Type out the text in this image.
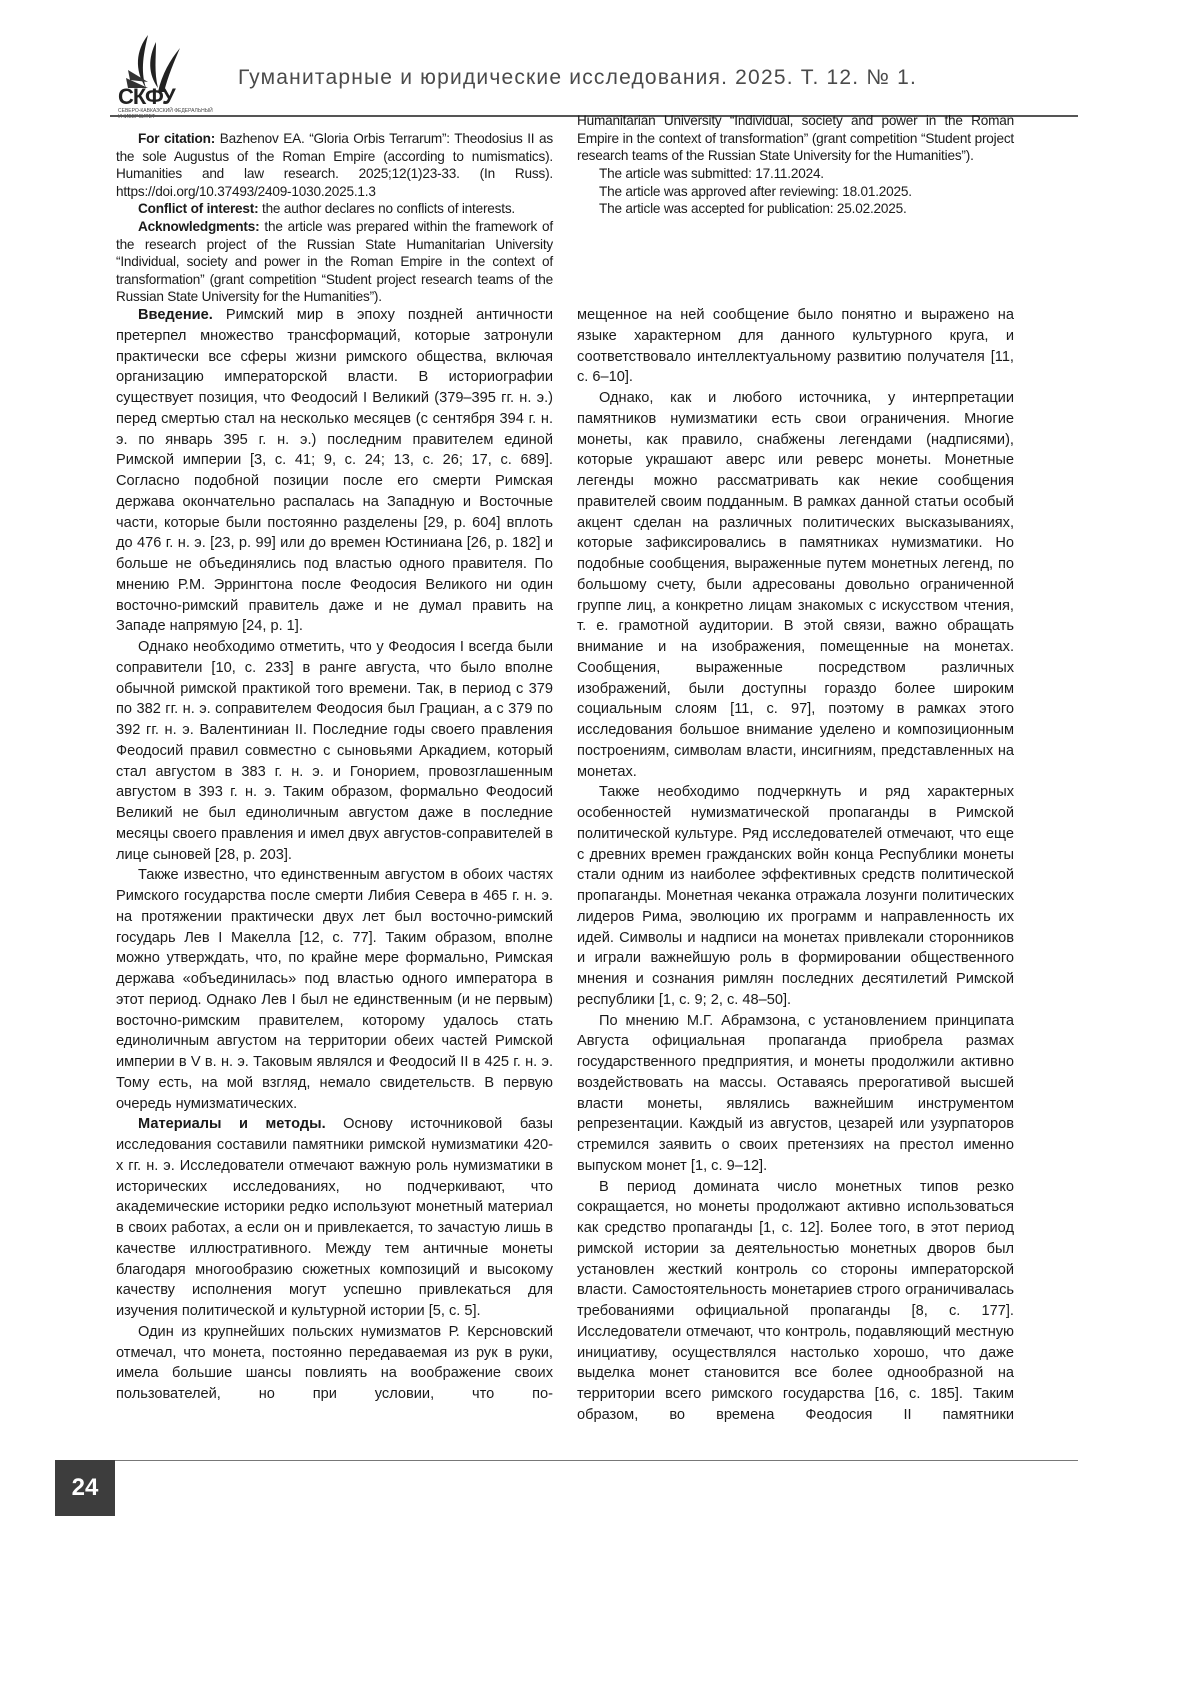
СКФУ
СЕВЕРО-КАВКАЗСКИЙ ФЕДЕРАЛЬНЫЙ УНИВЕРСИТЕТ
Гуманитарные и юридические исследования. 2025. Т. 12. № 1.

For citation: Bazhenov EA. “Gloria Orbis Terrarum”: Theodosius II as the sole Augustus of the Roman Empire (according to numismatics). Humanities and law research. 2025;12(1)23-33. (In Russ). https://doi.org/10.37493/2409-1030.2025.1.3

Conflict of interest: the author declares no conflicts of interests.

Acknowledgments: the article was prepared within the framework of the research project of the Russian State Humanitarian University “Individual, society and power in the Roman Empire in the context of transformation” (grant competition “Student project research teams of the Russian State University for the Humanities”).

Humanitarian University “Individual, society and power in the Roman Empire in the context of transformation” (grant competition “Student project research teams of the Russian State University for the Humanities”).

The article was submitted: 17.11.2024.

The article was approved after reviewing: 18.01.2025.

The article was accepted for publication: 25.02.2025.

Введение. Римский мир в эпоху поздней античности претерпел множество трансформаций, которые затронули практически все сферы жизни римского общества, включая организацию императорской власти. В историографии существует позиция, что Феодосий I Великий (379–395 гг. н. э.) перед смертью стал на несколько месяцев (с сентября 394 г. н. э. по январь 395 г. н. э.) последним правителем единой Римской империи [3, с. 41; 9, с. 24; 13, с. 26; 17, с. 689]. Согласно подобной позиции после его смерти Римская держава окончательно распалась на Западную и Восточные части, которые были постоянно разделены [29, p. 604] вплоть до 476 г. н. э. [23, p. 99] или до времен Юстиниана [26, p. 182] и больше не объединялись под властью одного правителя. По мнению Р.М. Эррингтона после Феодосия Великого ни один восточно-римский правитель даже и не думал править на Западе напрямую [24, p. 1].

Однако необходимо отметить, что у Феодосия I всегда были соправители [10, с. 233] в ранге августа, что было вполне обычной римской практикой того времени. Так, в период с 379 по 382 гг. н. э. соправителем Феодосия был Грациан, а с 379 по 392 гг. н. э. Валентиниан II. Последние годы своего правления Феодосий правил совместно с сыновьями Аркадием, который стал августом в 383 г. н. э. и Гонорием, провозглашенным августом в 393 г. н. э. Таким образом, формально Феодосий Великий не был единоличным августом даже в последние месяцы своего правления и имел двух августов-соправителей в лице сыновей [28, p. 203].

Также известно, что единственным августом в обоих частях Римского государства после смерти Либия Севера в 465 г. н. э. на протяжении практически двух лет был восточно-римский государь Лев I Макелла [12, с. 77]. Таким образом, вполне можно утверждать, что, по крайне мере формально, Римская держава «объединилась» под властью одного императора в этот период. Однако Лев I был не единственным (и не первым) восточно-римским правителем, которому удалось стать единоличным августом на территории обеих частей Римской империи в V в. н. э. Таковым являлся и Феодосий II в 425 г. н. э. Тому есть, на мой взгляд, немало свидетельств. В первую очередь нумизматических.

Материалы и методы. Основу источниковой базы исследования составили памятники римской нумизматики 420-х гг. н. э. Исследователи отмечают важную роль нумизматики в исторических исследованиях, но подчеркивают, что академические историки редко используют монетный материал в своих работах, а если он и привлекается, то зачастую лишь в качестве иллюстративного. Между тем античные монеты благодаря многообразию сюжетных композиций и высокому качеству исполнения могут успешно привлекаться для изучения политической и культурной истории [5, с. 5].

Один из крупнейших польских нумизматов Р. Керсновский отмечал, что монета, постоянно передаваемая из рук в руки, имела большие шансы повлиять на воображение своих пользователей, но при условии, что по-

мещенное на ней сообщение было понятно и выражено на языке характерном для данного культурного круга, и соответствовало интеллектуальному развитию получателя [11, с. 6–10].

Однако, как и любого источника, у интерпретации памятников нумизматики есть свои ограничения. Многие монеты, как правило, снабжены легендами (надписями), которые украшают аверс или реверс монеты. Монетные легенды можно рассматривать как некие сообщения правителей своим подданным. В рамках данной статьи особый акцент сделан на различных политических высказываниях, которые зафиксировались в памятниках нумизматики. Но подобные сообщения, выраженные путем монетных легенд, по большому счету, были адресованы довольно ограниченной группе лиц, а конкретно лицам знакомых с искусством чтения, т. е. грамотной аудитории. В этой связи, важно обращать внимание и на изображения, помещенные на монетах. Сообщения, выраженные посредством различных изображений, были доступны гораздо более широким социальным слоям [11, с. 97], поэтому в рамках этого исследования большое внимание уделено и композиционным построениям, символам власти, инсигниям, представленных на монетах.

Также необходимо подчеркнуть и ряд характерных особенностей нумизматической пропаганды в Римской политической культуре. Ряд исследователей отмечают, что еще с древних времен гражданских войн конца Республики монеты стали одним из наиболее эффективных средств политической пропаганды. Монетная чеканка отражала лозунги политических лидеров Рима, эволюцию их программ и направленность их идей. Символы и надписи на монетах привлекали сторонников и играли важнейшую роль в формировании общественного мнения и сознания римлян последних десятилетий Римской республики [1, с. 9; 2, с. 48–50].

По мнению М.Г. Абрамзона, с установлением принципата Августа официальная пропаганда приобрела размах государственного предприятия, и монеты продолжили активно воздействовать на массы. Оставаясь прерогативой высшей власти монеты, являлись важнейшим инструментом репрезентации. Каждый из августов, цезарей или узурпаторов стремился заявить о своих претензиях на престол именно выпуском монет [1, с. 9–12].

В период домината число монетных типов резко сокращается, но монеты продолжают активно использоваться как средство пропаганды [1, с. 12]. Более того, в этот период римской истории за деятельностью монетных дворов был установлен жесткий контроль со стороны императорской власти. Самостоятельность монетариев строго ограничивалась требованиями официальной пропаганды [8, с. 177]. Исследователи отмечают, что контроль, подавляющий местную инициативу, осуществлялся настолько хорошо, что даже выделка монет становится все более однообразной на территории всего римского государства [16, с. 185]. Таким образом, во времена Феодосия II памятники

24
